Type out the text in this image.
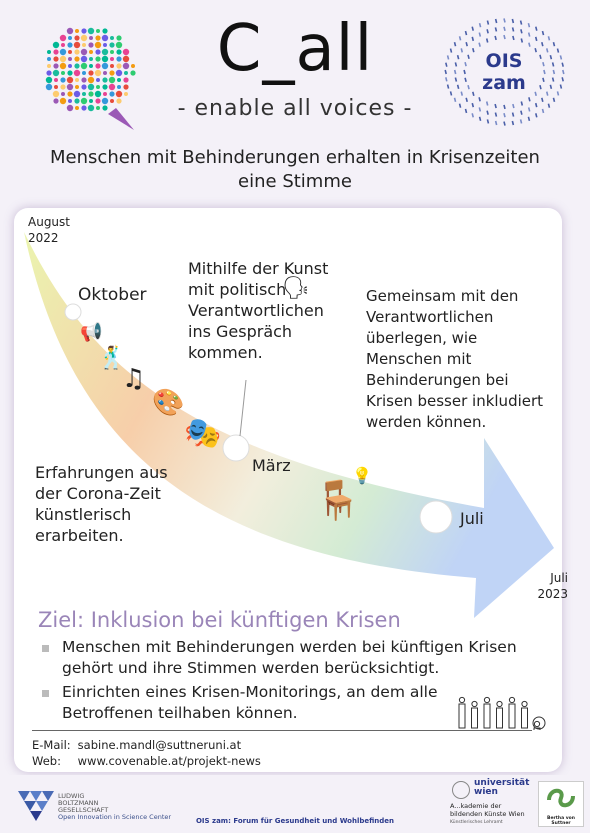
C_all
- enable all voices -
OIS
zam
Menschen mit Behinderungen erhalten in Krisenzeiten eine Stimme
August 2022
Oktober
März
Juli
Juli 2023
Mithilfe der Kunst mit politisch Verantwortlichen ins Gespräch kommen.
Gemeinsam mit den Verantwortlichen überlegen, wie Menschen mit Behinderungen bei Krisen besser inkludiert werden können.
Erfahrungen aus der Corona-Zeit künstlerisch erarbeiten.
📢
🕺
♫
🎨
🎭
🗣
🪑
💡
Ziel: Inklusion bei künftigen Krisen
Menschen mit Behinderungen werden bei künftigen Krisen gehört und ihre Stimmen werden berücksichtigt.
Einrichten eines Krisen-Monitorings, an dem alle Betroffenen teilhaben können.
E-Mail: sabine.mandl@suttneruni.at
Web: www.covenable.at/projekt-news
LUDWIG
BOLTZMANN
GESELLSCHAFT
Open Innovation in Science Center	OIS zam: Forum für Gesundheit und Wohlbefinden
universität
wien
A...kademie der bildenden Künste Wien
Künstlerisches Lehramt
Bertha von Suttner
